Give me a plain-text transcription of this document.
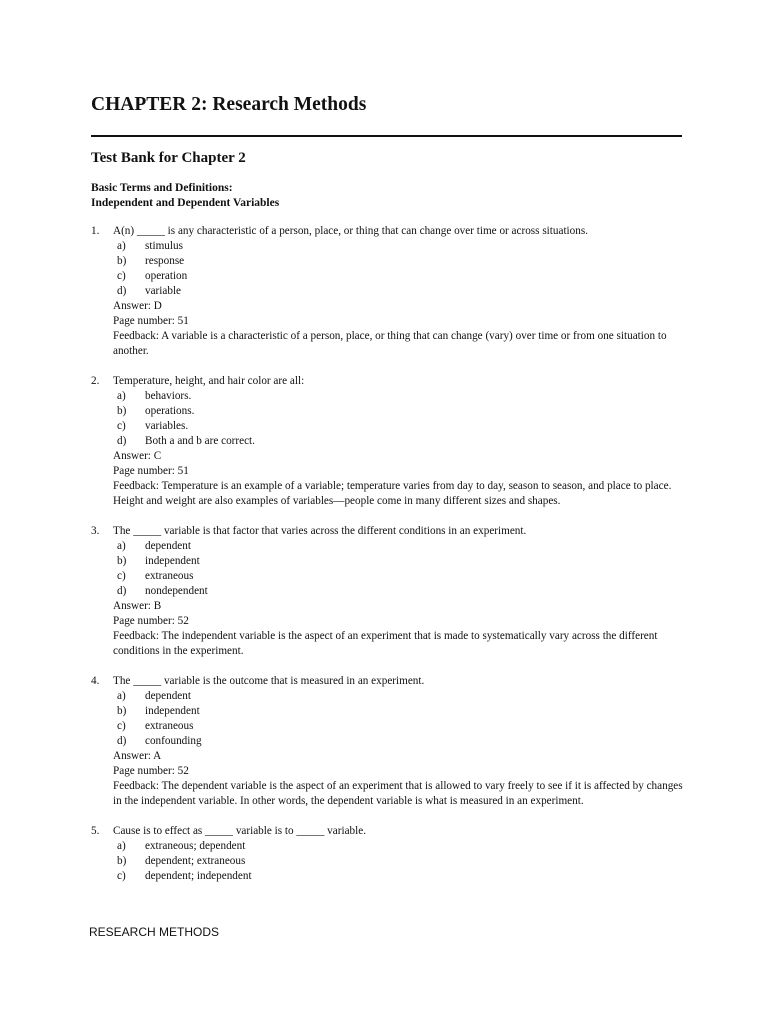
CHAPTER 2: Research Methods
Test Bank for Chapter 2
Basic Terms and Definitions:
Independent and Dependent Variables
1. A(n) _____ is any characteristic of a person, place, or thing that can change over time or across situations.
a) stimulus
b) response
c) operation
d) variable
Answer: D
Page number: 51
Feedback: A variable is a characteristic of a person, place, or thing that can change (vary) over time or from one situation to another.
2. Temperature, height, and hair color are all:
a) behaviors.
b) operations.
c) variables.
d) Both a and b are correct.
Answer: C
Page number: 51
Feedback: Temperature is an example of a variable; temperature varies from day to day, season to season, and place to place. Height and weight are also examples of variables—people come in many different sizes and shapes.
3. The _____ variable is that factor that varies across the different conditions in an experiment.
a) dependent
b) independent
c) extraneous
d) nondependent
Answer: B
Page number: 52
Feedback: The independent variable is the aspect of an experiment that is made to systematically vary across the different conditions in the experiment.
4. The _____ variable is the outcome that is measured in an experiment.
a) dependent
b) independent
c) extraneous
d) confounding
Answer: A
Page number: 52
Feedback: The dependent variable is the aspect of an experiment that is allowed to vary freely to see if it is affected by changes in the independent variable. In other words, the dependent variable is what is measured in an experiment.
5. Cause is to effect as _____ variable is to _____ variable.
a) extraneous; dependent
b) dependent; extraneous
c) dependent; independent
RESEARCH METHODS
